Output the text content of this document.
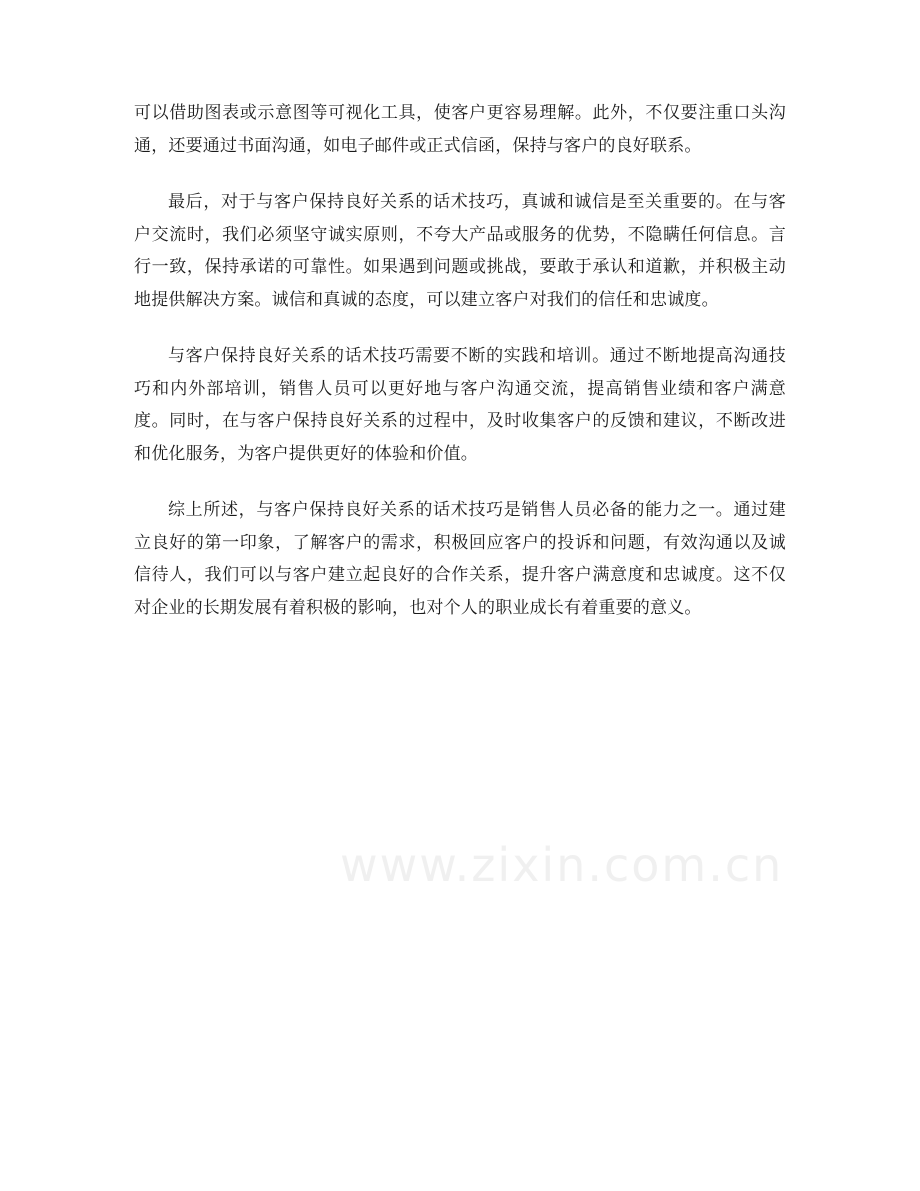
可以借助图表或示意图等可视化工具，使客户更容易理解。此外，不仅要注重口头沟通，还要通过书面沟通，如电子邮件或正式信函，保持与客户的良好联系。

最后，对于与客户保持良好关系的话术技巧，真诚和诚信是至关重要的。在与客户交流时，我们必须坚守诚实原则，不夸大产品或服务的优势，不隐瞒任何信息。言行一致，保持承诺的可靠性。如果遇到问题或挑战，要敢于承认和道歉，并积极主动地提供解决方案。诚信和真诚的态度，可以建立客户对我们的信任和忠诚度。

与客户保持良好关系的话术技巧需要不断的实践和培训。通过不断地提高沟通技巧和内外部培训，销售人员可以更好地与客户沟通交流，提高销售业绩和客户满意度。同时，在与客户保持良好关系的过程中，及时收集客户的反馈和建议，不断改进和优化服务，为客户提供更好的体验和价值。

综上所述，与客户保持良好关系的话术技巧是销售人员必备的能力之一。通过建立良好的第一印象，了解客户的需求，积极回应客户的投诉和问题，有效沟通以及诚信待人，我们可以与客户建立起良好的合作关系，提升客户满意度和忠诚度。这不仅对企业的长期发展有着积极的影响，也对个人的职业成长有着重要的意义。

www.zixin.com.cn
